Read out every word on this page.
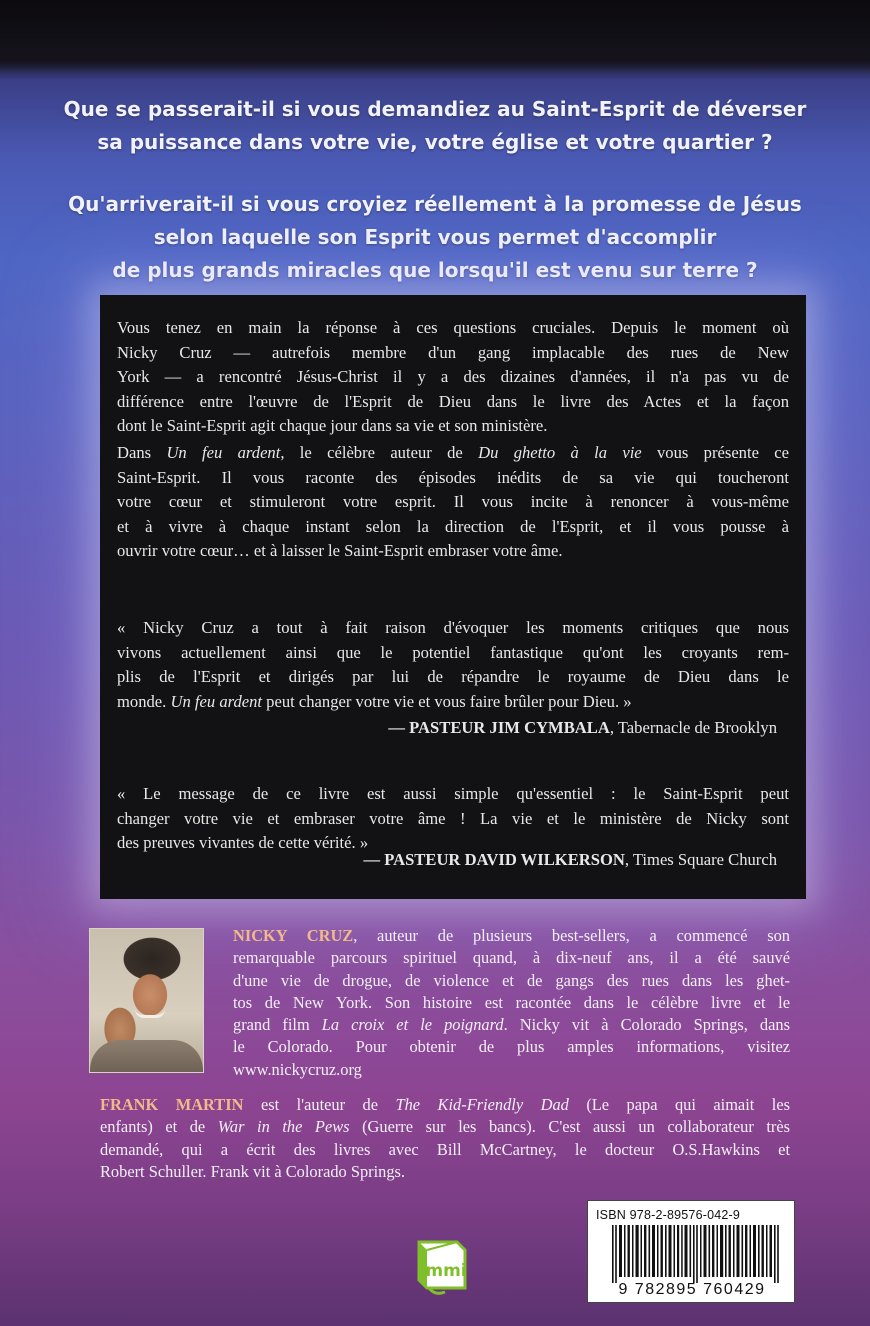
Que se passerait-il si vous demandiez au Saint-Esprit de déverser
sa puissance dans votre vie, votre église et votre quartier ?
Qu'arriverait-il si vous croyiez réellement à la promesse de Jésus
selon laquelle son Esprit vous permet d'accomplir
de plus grands miracles que lorsqu'il est venu sur terre ?
Vous tenez en main la réponse à ces questions cruciales. Depuis le moment où
Nicky Cruz — autrefois membre d'un gang implacable des rues de New
York — a rencontré Jésus-Christ il y a des dizaines d'années, il n'a pas vu de
différence entre l'œuvre de l'Esprit de Dieu dans le livre des Actes et la façon
dont le Saint-Esprit agit chaque jour dans sa vie et son ministère.
Dans Un feu ardent, le célèbre auteur de Du ghetto à la vie vous présente ce
Saint-Esprit. Il vous raconte des épisodes inédits de sa vie qui toucheront
votre cœur et stimuleront votre esprit. Il vous incite à renoncer à vous-même
et à vivre à chaque instant selon la direction de l'Esprit, et il vous pousse à
ouvrir votre cœur… et à laisser le Saint-Esprit embraser votre âme.
« Nicky Cruz a tout à fait raison d'évoquer les moments critiques que nous
vivons actuellement ainsi que le potentiel fantastique qu'ont les croyants rem-
plis de l'Esprit et dirigés par lui de répandre le royaume de Dieu dans le
monde. Un feu ardent peut changer votre vie et vous faire brûler pour Dieu. »
— PASTEUR JIM CYMBALA, Tabernacle de Brooklyn
« Le message de ce livre est aussi simple qu'essentiel : le Saint-Esprit peut
changer votre vie et embraser votre âme ! La vie et le ministère de Nicky sont
des preuves vivantes de cette vérité. »
— PASTEUR DAVID WILKERSON, Times Square Church
NICKY CRUZ, auteur de plusieurs best-sellers, a commencé son
remarquable parcours spirituel quand, à dix-neuf ans, il a été sauvé
d'une vie de drogue, de violence et de gangs des rues dans les ghet-
tos de New York. Son histoire est racontée dans le célèbre livre et le
grand film La croix et le poignard. Nicky vit à Colorado Springs, dans
le Colorado. Pour obtenir de plus amples informations, visitez
www.nickycruz.org
FRANK MARTIN est l'auteur de The Kid-Friendly Dad (Le papa qui aimait les
enfants) et de War in the Pews (Guerre sur les bancs). C'est aussi un collaborateur très
demandé, qui a écrit des livres avec Bill McCartney, le docteur O.S.Hawkins et
Robert Schuller. Frank vit à Colorado Springs.
mmi
ISBN 978-2-89576-042-9
9 782895 760429
